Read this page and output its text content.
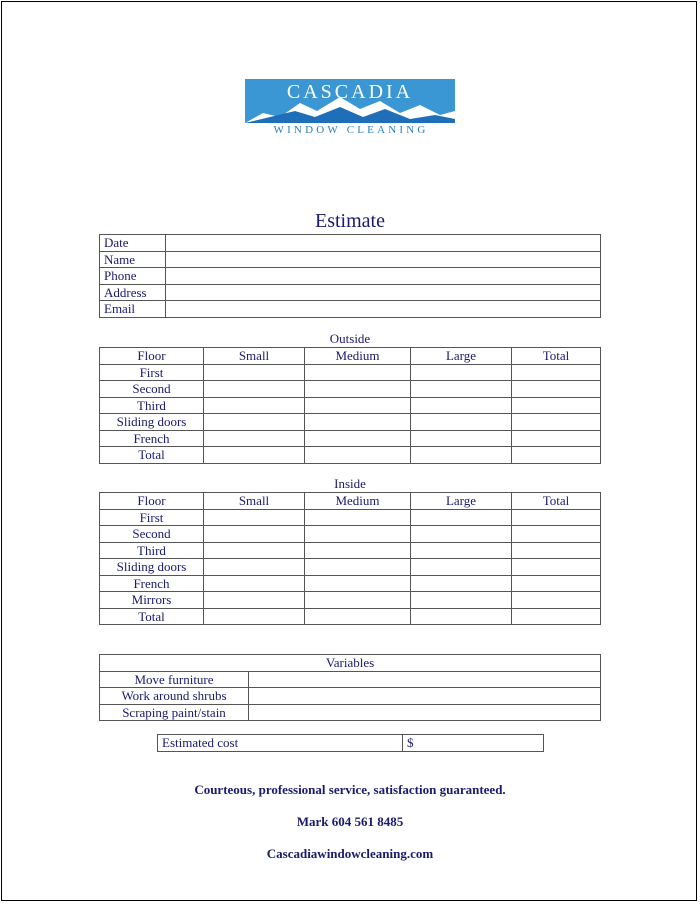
CASCADIA
WINDOW CLEANING
Estimate
Date	
Name	
Phone	
Address	
Email	
Outside
Floor	Small	Medium	Large	Total
First				
Second				
Third				
Sliding doors				
French				
Total				
Inside
Floor	Small	Medium	Large	Total
First				
Second				
Third				
Sliding doors				
French				
Mirrors				
Total				
Variables	
Move furniture	
Work around shrubs	
Scraping paint/stain	
Estimated cost	$
Courteous, professional service, satisfaction guaranteed.
Mark 604 561 8485
Cascadiawindowcleaning.com
